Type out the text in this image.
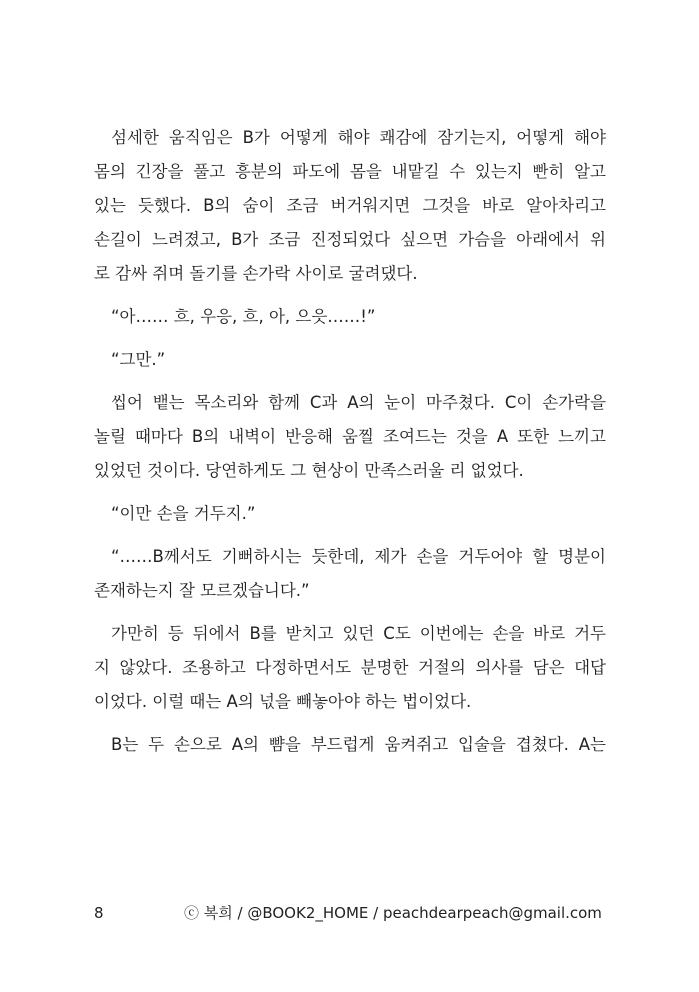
섬세한 움직임은 B가 어떻게 해야 쾌감에 잠기는지, 어떻게 해야
몸의 긴장을 풀고 흥분의 파도에 몸을 내맡길 수 있는지 빤히 알고
있는 듯했다. B의 숨이 조금 버거워지면 그것을 바로 알아차리고
손길이 느려졌고, B가 조금 진정되었다 싶으면 가슴을 아래에서 위
로 감싸 쥐며 돌기를 손가락 사이로 굴려댔다.
“아…… 흐, 우응, 흐, 아, 으읏……!”
“그만.”
씹어 뱉는 목소리와 함께 C과 A의 눈이 마주쳤다. C이 손가락을
놀릴 때마다 B의 내벽이 반응해 움찔 조여드는 것을 A 또한 느끼고
있었던 것이다. 당연하게도 그 현상이 만족스러울 리 없었다.
“이만 손을 거두지.”
“……B께서도 기뻐하시는 듯한데, 제가 손을 거두어야 할 명분이
존재하는지 잘 모르겠습니다.”
가만히 등 뒤에서 B를 받치고 있던 C도 이번에는 손을 바로 거두
지 않았다. 조용하고 다정하면서도 분명한 거절의 의사를 담은 대답
이었다. 이럴 때는 A의 넋을 빼놓아야 하는 법이었다.
B는 두 손으로 A의 뺨을 부드럽게 움켜쥐고 입술을 겹쳤다. A는
8	ⓒ 복희 / @BOOK2_HOME / peachdearpeach@gmail.com
